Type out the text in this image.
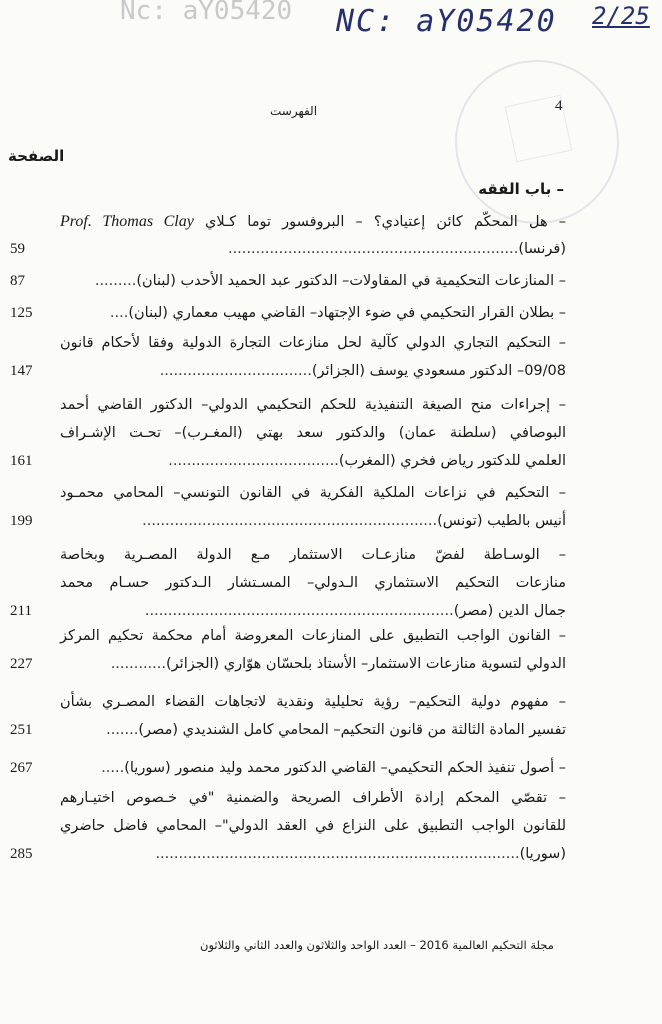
Nc: aY05420 NC: aY05420 2/25
4
الفهرست
الصفحة
– باب الفقه
– هل المحكّم كائن إعتيادي؟ – البروفسور توما كـلاي Prof. Thomas Clay
(فرنسا)...............................................................
59
– المنازعات التحكيمية في المقاولات– الدكتور عبد الحميد الأحدب (لبنان).........
87
– بطلان القرار التحكيمي في ضوء الإجتهاد– القاضي مهيب معماري (لبنان)....
125
– التحكيم التجاري الدولي كآلية لحل منازعات التجارة الدولية وفقا لأحكام قانون
09/08– الدكتور مسعودي يوسف (الجزائر).................................
147
– إجراءات منح الصيغة التنفيذية للحكم التحكيمي الدولي– الدكتور القاضي أحمد
البوصافي (سلطنة عمان) والدكتور سعد بهتي (المغـرب)– تحـت الإشـراف
العلمي للدكتور رياض فخري (المغرب).....................................
161
– التحكيم في نزاعات الملكية الفكرية في القانون التونسي– المحامي محمـود
أنيس بالطيب (تونس)................................................................
199
– الوسـاطة لفضّ منازعـات الاستثمار مـع الدولة المصـرية وبخاصة
منازعات التحكيم الاستثماري الـدولي– المسـتشار الـدكتور حسـام محمد
جمال الدين (مصر)...................................................................
211
– القانون الواجب التطبيق على المنازعات المعروضة أمام محكمة تحكيم المركز
الدولي لتسوية منازعات الاستثمار– الأستاذ بلحسّان هوّاري (الجزائر)............
227
– مفهوم دولية التحكيم– رؤية تحليلية ونقدية لاتجاهات القضاء المصـري بشأن
تفسير المادة الثالثة من قانون التحكيم– المحامي كامل الشنديدي (مصر).......
251
– أصول تنفيذ الحكم التحكيمي– القاضي الدكتور محمد وليد منصور (سوريا).....
267
– تقصّي المحكم إرادة الأطراف الصريحة والضمنية "في خـصوص اختيـارهم
للقانون الواجب التطبيق على النزاع في العقد الدولي"– المحامي فاضل حاضري
(سوريا)...............................................................................
285
مجلة التحكيم العالمية 2016 – العدد الواحد والثلاثون والعدد الثاني والثلاثون
